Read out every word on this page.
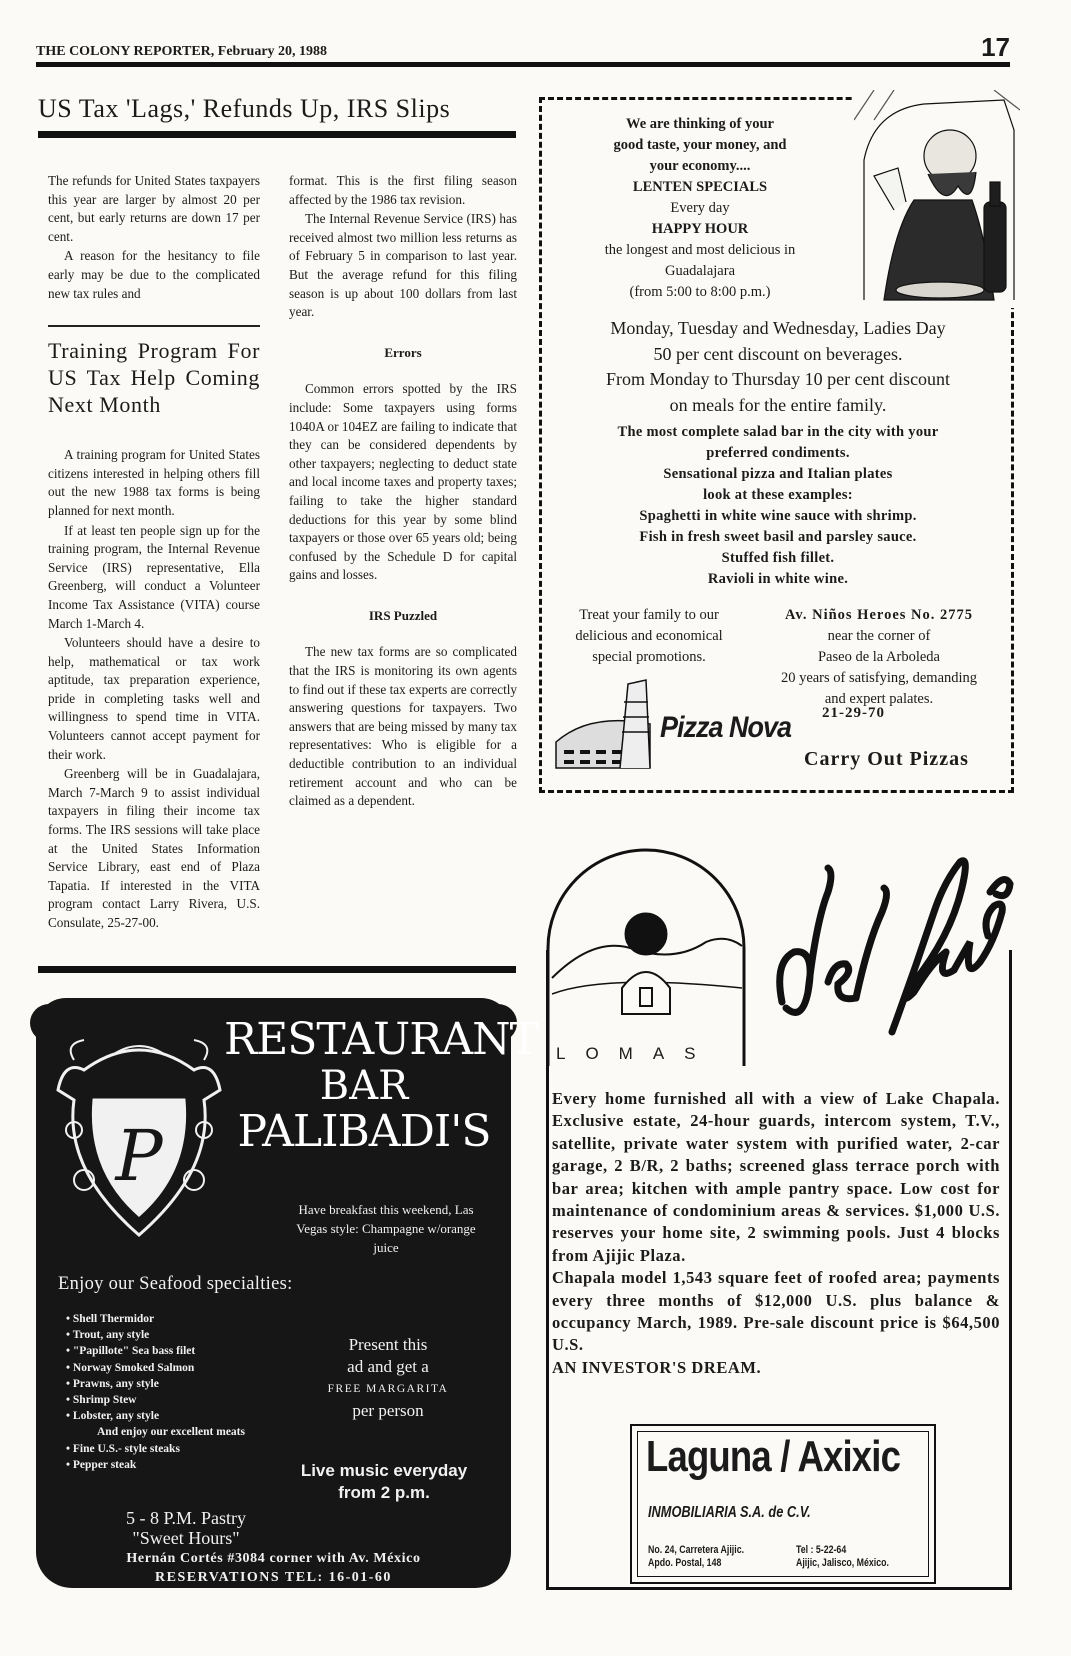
THE COLONY REPORTER, February 20, 1988	17
US Tax 'Lags,' Refunds Up, IRS Slips

The refunds for United States taxpayers this year are larger by almost 20 per cent, but early returns are down 17 per cent.

A reason for the hesitancy to file early may be due to the complicated new tax rules and

Training Program For US Tax Help Coming Next Month

A training program for United States citizens interested in helping others fill out the new 1988 tax forms is being planned for next month.

If at least ten people sign up for the training program, the Internal Revenue Service (IRS) representative, Ella Greenberg, will conduct a Volunteer Income Tax Assistance (VITA) course March 1-March 4.

Volunteers should have a desire to help, mathematical or tax work aptitude, tax preparation experience, pride in completing tasks well and willingness to spend time in VITA. Volunteers cannot accept payment for their work.

Greenberg will be in Guadalajara, March 7-March 9 to assist individual taxpayers in filing their income tax forms. The IRS sessions will take place at the United States Information Service Library, east end of Plaza Tapatia. If interested in the VITA program contact Larry Rivera, U.S. Consulate, 25-27-00.

format. This is the first filing season affected by the 1986 tax revision.

The Internal Revenue Service (IRS) has received almost two million less returns as of February 5 in comparison to last year. But the average refund for this filing season is up about 100 dollars from last year.

Errors

Common errors spotted by the IRS include: Some taxpayers using forms 1040A or 104EZ are failing to indicate that they can be considered dependents by other taxpayers; neglecting to deduct state and local income taxes and property taxes; failing to take the higher standard deductions for this year by some blind taxpayers or those over 65 years old; being confused by the Schedule D for capital gains and losses.

IRS Puzzled

The new tax forms are so complicated that the IRS is monitoring its own agents to find out if these tax experts are correctly answering questions for taxpayers. Two answers that are being missed by many tax representatives: Who is eligible for a deductible contribution to an individual retirement account and who can be claimed as a dependent.

We are thinking of your
good taste, your money, and
your economy....
LENTEN SPECIALS
Every day
HAPPY HOUR
the longest and most delicious in
Guadalajara
(from 5:00 to 8:00 p.m.)
Monday, Tuesday and Wednesday, Ladies Day
50 per cent discount on beverages.
From Monday to Thursday 10 per cent discount
on meals for the entire family.
The most complete salad bar in the city with your
preferred condiments.
Sensational pizza and Italian plates
look at these examples:
Spaghetti in white wine sauce with shrimp.
Fish in fresh sweet basil and parsley sauce.
Stuffed fish fillet.
Ravioli in white wine.
Treat your family to our
delicious and economical
special promotions.
Av. Niños Heroes No. 2775
near the corner of
Paseo de la Arboleda
20 years of satisfying, demanding
and expert palates.
Pizza Nova 21-29-70
Carry Out Pizzas
LOMAS

Every home furnished all with a view of Lake Chapala. Exclusive estate, 24-hour guards, intercom system, T.V., satellite, private water system with purified water, 2-car garage, 2 B/R, 2 baths; screened glass terrace porch with bar area; kitchen with ample pantry space. Low cost for maintenance of condominium areas & services. $1,000 U.S. reserves your home site, 2 swimming pools. Just 4 blocks from Ajijic Plaza.

Chapala model 1,543 square feet of roofed area; payments every three months of $12,000 U.S. plus balance & occupancy March, 1989. Pre-sale discount price is $64,500 U.S.

AN INVESTOR'S DREAM.

Laguna / Axixic
INMOBILIARIA S.A. de C.V.
No. 24, Carretera Ajijic.
Apdo. Postal, 148
Tel : 5-22-64
Ajijic, Jalisco, México.
P
RESTAURANT
BAR
PALIBADI'S
Have breakfast this weekend, Las Vegas style: Champagne w/orange juice
Enjoy our Seafood specialties:
• Shell Thermidor
• Trout, any style
• "Papillote" Sea bass filet
• Norway Smoked Salmon
• Prawns, any style
• Shrimp Stew
• Lobster, any style
And enjoy our excellent meats
• Fine U.S.- style steaks
• Pepper steak
Present this
ad and get a
FREE MARGARITA
per person
Live music everyday from 2 p.m.
5 - 8 P.M. Pastry
"Sweet Hours"
Hernán Cortés #3084 corner with Av. México
RESERVATIONS TEL: 16-01-60
